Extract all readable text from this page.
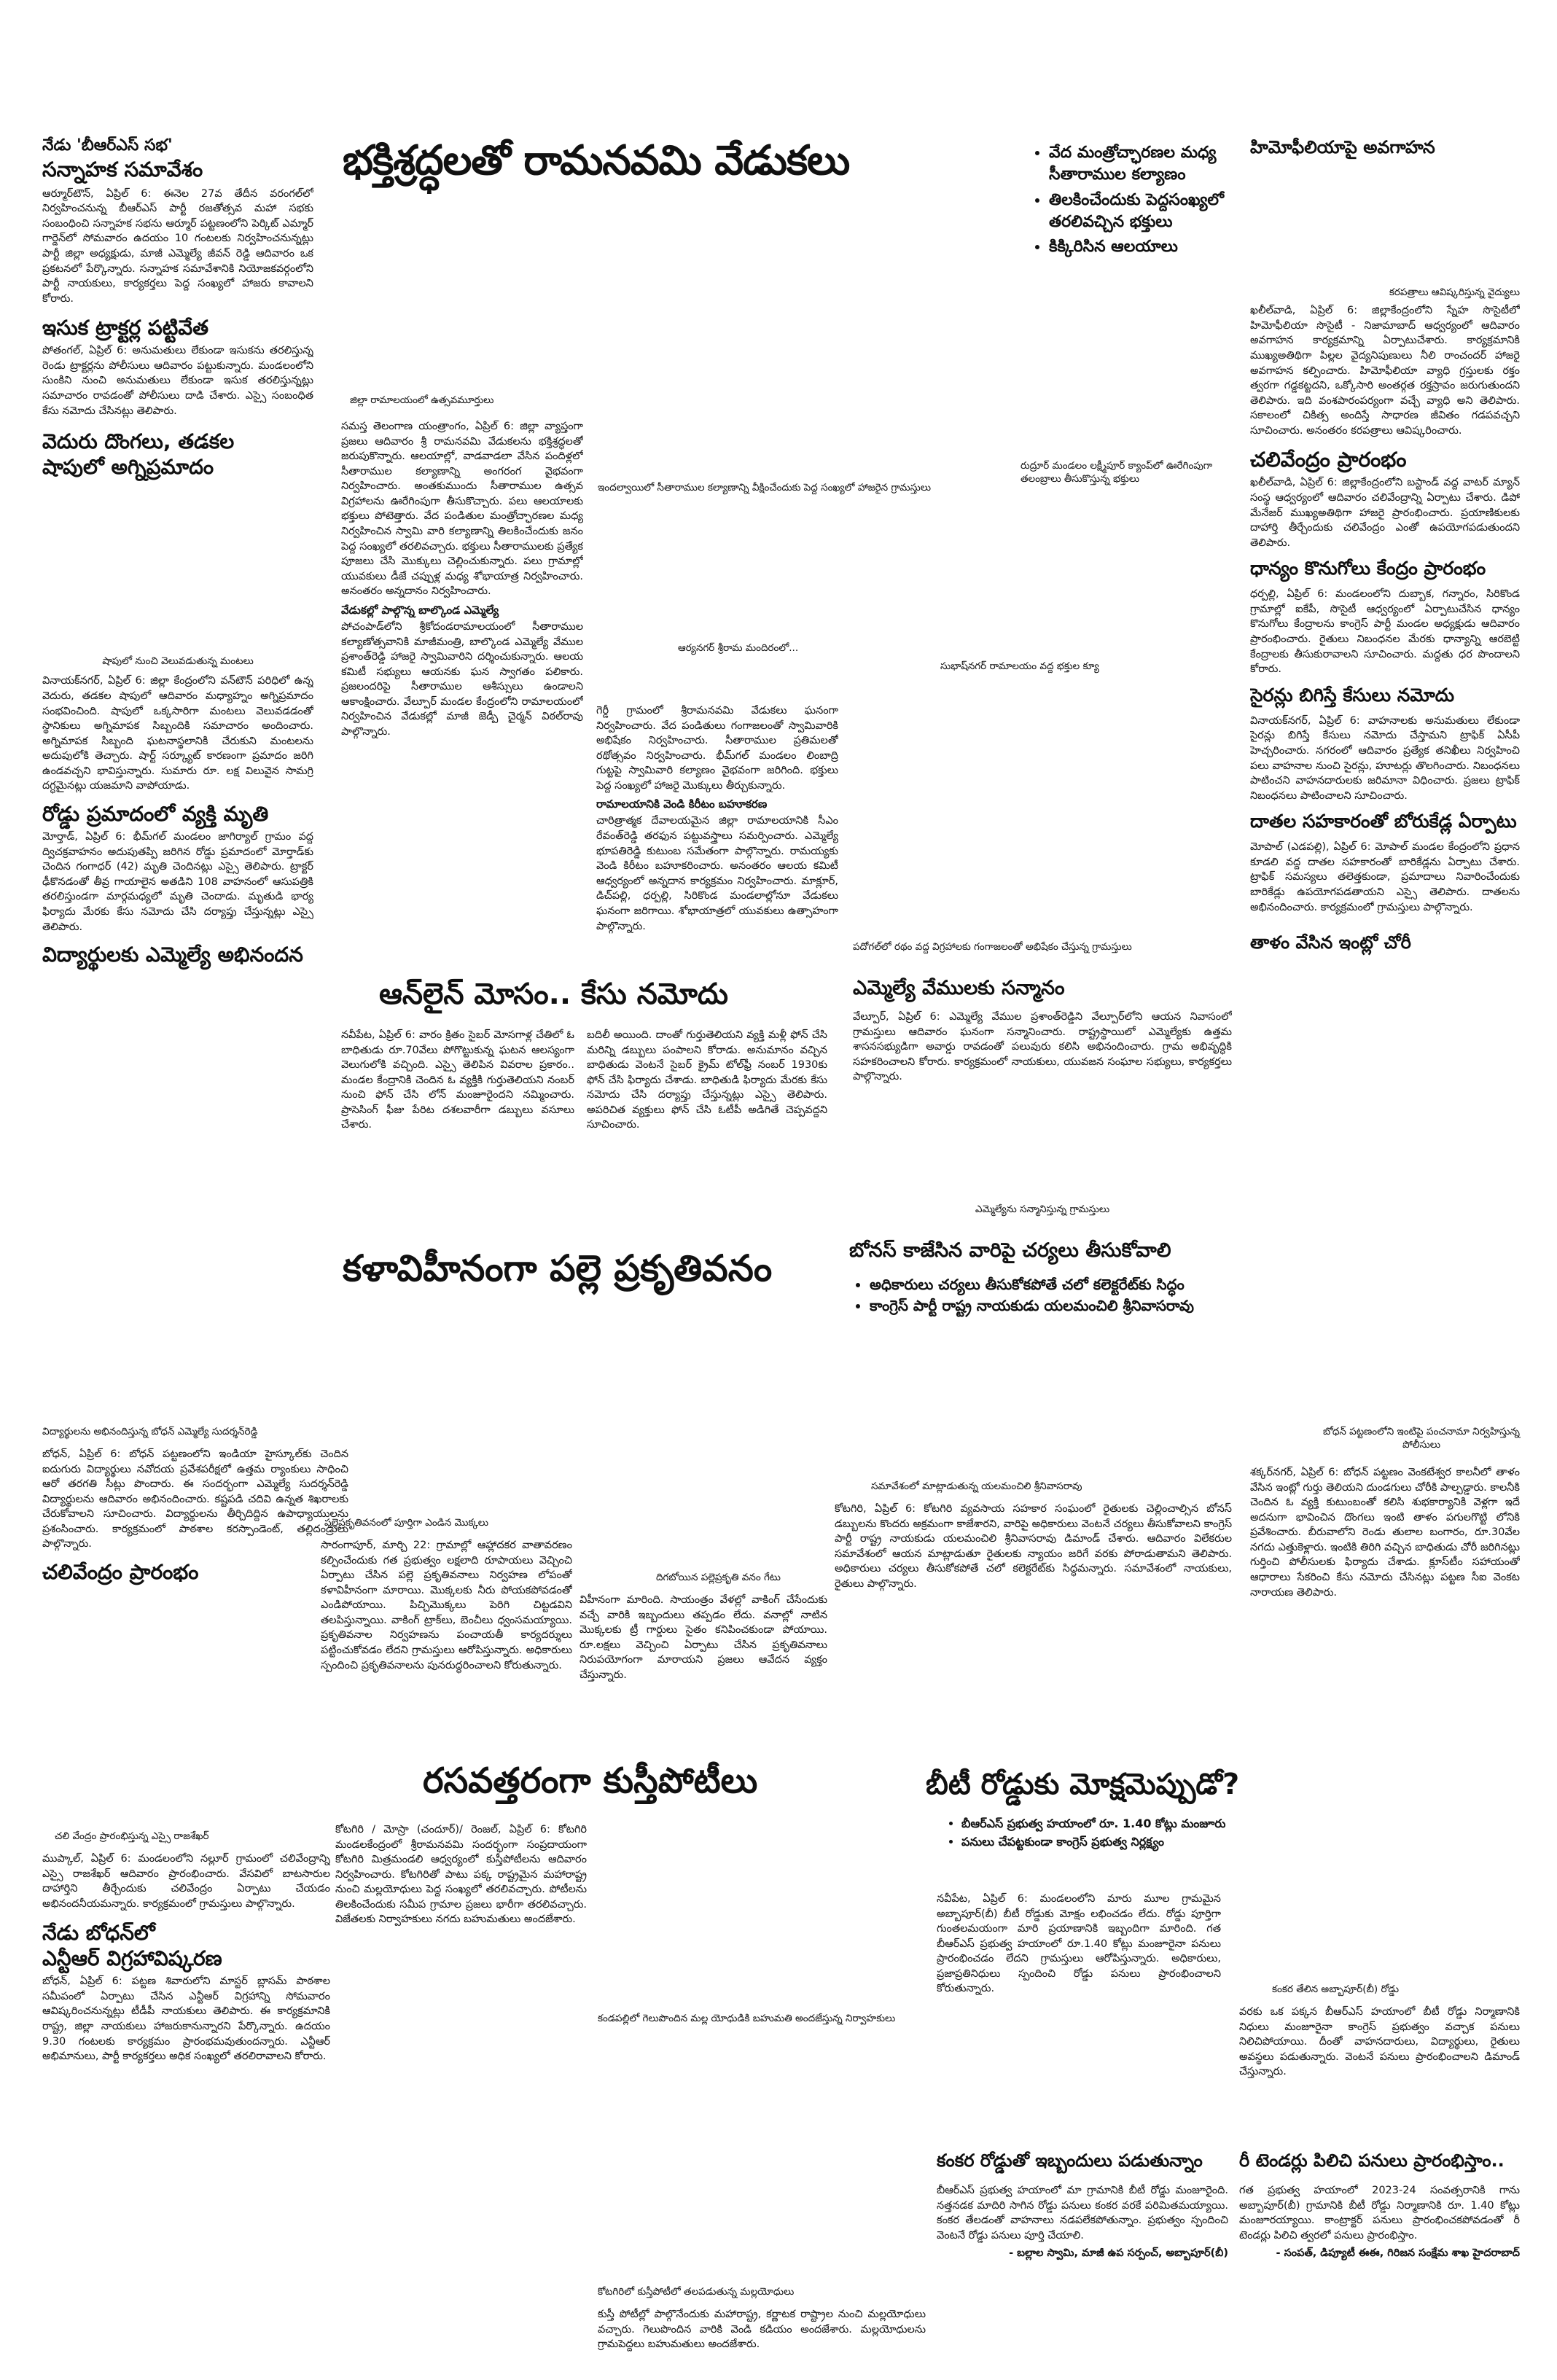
నేడు 'బీఆర్ఎస్ సభ'
సన్నాహక సమావేశం

ఆర్మూర్‌టౌన్, ఏప్రిల్ 6: ఈనెల 27వ తేదీన వరంగల్‌లో నిర్వహించనున్న బీఆర్ఎస్ పార్టీ రజతోత్సవ మహా సభకు సంబంధించి సన్నాహక సభను ఆర్మూర్ పట్టణంలోని పెర్కిట్ ఎమ్మార్ గార్డెన్‌లో సోమవారం ఉదయం 10 గంటలకు నిర్వహించనున్నట్లు పార్టీ జిల్లా అధ్యక్షుడు, మాజీ ఎమ్మెల్యే జీవన్ రెడ్డి ఆదివారం ఒక ప్రకటనలో పేర్కొన్నారు. సన్నాహక సమావేశానికి నియోజకవర్గంలోని పార్టీ నాయకులు, కార్యకర్తలు పెద్ద సంఖ్యలో హాజరు కావాలని కోరారు.

ఇసుక ట్రాక్టర్ల పట్టివేత

పోతంగల్, ఏప్రిల్ 6: అనుమతులు లేకుండా ఇసుకను తరలిస్తున్న రెండు ట్రాక్టర్లను పోలీసులు ఆదివారం పట్టుకున్నారు. మండలంలోని సుంకిని నుంచి అనుమతులు లేకుండా ఇసుక తరలిస్తున్నట్లు సమాచారం రావడంతో పోలీసులు దాడి చేశారు. ఎస్సై సంబంధిత కేసు నమోదు చేసినట్లు తెలిపారు.

వెదురు దొంగలు, తడకల
షాపులో అగ్నిప్రమాదం
షాపులో నుంచి వెలువడుతున్న మంటలు

వినాయక్‌నగర్, ఏప్రిల్ 6: జిల్లా కేంద్రంలోని వన్‌టౌన్ పరిధిలో ఉన్న వెదురు, తడకల షాపులో ఆదివారం మధ్యాహ్నం అగ్నిప్రమాదం సంభవించింది. షాపులో ఒక్కసారిగా మంటలు వెలువడడంతో స్థానికులు అగ్నిమాపక సిబ్బందికి సమాచారం అందించారు. అగ్నిమాపక సిబ్బంది ఘటనాస్థలానికి చేరుకుని మంటలను అదుపులోకి తెచ్చారు. షార్ట్ సర్క్యూట్ కారణంగా ప్రమాదం జరిగి ఉండవచ్చని భావిస్తున్నారు. సుమారు రూ. లక్ష విలువైన సామగ్రి దగ్ధమైనట్లు యజమాని వాపోయాడు.

రోడ్డు ప్రమాదంలో వ్యక్తి మృతి

మోర్తాడ్, ఏప్రిల్ 6: భీమ్‌గల్ మండలం జాగిర్యాల్ గ్రామం వద్ద ద్విచక్రవాహనం అదుపుతప్పి జరిగిన రోడ్డు ప్రమాదంలో మోర్తాడ్‌కు చెందిన గంగాధర్ (42) మృతి చెందినట్లు ఎస్సై తెలిపారు. ట్రాక్టర్ ఢీకొనడంతో తీవ్ర గాయాలైన అతడిని 108 వాహనంలో ఆసుపత్రికి తరలిస్తుండగా మార్గమధ్యలో మృతి చెందాడు. మృతుడి భార్య ఫిర్యాదు మేరకు కేసు నమోదు చేసి దర్యాప్తు చేస్తున్నట్లు ఎస్సై తెలిపారు.

విద్యార్థులకు ఎమ్మెల్యే అభినందన
భక్తిశ్రద్ధలతో రామనవమి వేడుకలు
•	వేద మంత్రోచ్ఛారణల మధ్య సీతారాముల కల్యాణం
• తిలకించేందుకు పెద్దసంఖ్యలో తరలివచ్చిన భక్తులు
• కిక్కిరిసిన ఆలయాలు
జిల్లా రామాలయంలో ఉత్సవమూర్తులు
ఇందల్వాయిలో సీతారాముల కల్యాణాన్ని వీక్షించేందుకు పెద్ద సంఖ్యలో హాజరైన గ్రామస్తులు
రుద్రూర్ మండలం లక్ష్మీపూర్ క్యాంప్‌లో ఊరేగింపుగా తలంబ్రాలు తీసుకొస్తున్న భక్తులు

సమస్త తెలంగాణ యంత్రాంగం, ఏప్రిల్ 6: జిల్లా వ్యాప్తంగా ప్రజలు ఆదివారం శ్రీ రామనవమి వేడుకలను భక్తిశ్రద్ధలతో జరుపుకొన్నారు. ఆలయాల్లో, వాడవాడలా వేసిన పందిళ్లలో సీతారాముల కల్యాణాన్ని అంగరంగ వైభవంగా నిర్వహించారు. అంతకుముందు సీతారాముల ఉత్సవ విగ్రహాలను ఊరేగింపుగా తీసుకొచ్చారు. పలు ఆలయాలకు భక్తులు పోటెత్తారు. వేద పండితుల మంత్రోచ్ఛారణల మధ్య నిర్వహించిన స్వామి వారి కల్యాణాన్ని తిలకించేందుకు జనం పెద్ద సంఖ్యలో తరలివచ్చారు. భక్తులు సీతారాములకు ప్రత్యేక పూజలు చేసి మొక్కులు చెల్లించుకున్నారు. పలు గ్రామాల్లో యువకులు డీజే చప్పుళ్ల మధ్య శోభాయాత్ర నిర్వహించారు. అనంతరం అన్నదానం నిర్వహించారు.

వేడుకల్లో పాల్గొన్న బాల్కొండ ఎమ్మెల్యే

పోచంపాడ్‌లోని శ్రీకోదండరామాలయంలో సీతారాముల కల్యాణోత్సవానికి మాజీమంత్రి, బాల్కొండ ఎమ్మెల్యే వేముల ప్రశాంత్‌రెడ్డి హాజరై స్వామివారిని దర్శించుకున్నారు. ఆలయ కమిటీ సభ్యులు ఆయనకు ఘన స్వాగతం పలికారు. ప్రజలందరిపై సీతారాముల ఆశీస్సులు ఉండాలని ఆకాంక్షించారు. వేల్పూర్ మండల కేంద్రంలోని రామాలయంలో నిర్వహించిన వేడుకల్లో మాజీ జెడ్పీ చైర్మన్ విఠల్‌రావు పాల్గొన్నారు.

ఆర్యనగర్ శ్రీరామ మందిరంలో...
సుభాష్‌నగర్ రామాలయం వద్ద భక్తుల క్యూ

గెర్డీ గ్రామంలో శ్రీరామనవమి వేడుకలు ఘనంగా నిర్వహించారు. వేద పండితులు గంగాజలంతో స్వామివారికి అభిషేకం నిర్వహించారు. సీతారాముల ప్రతిమలతో రథోత్సవం నిర్వహించారు. భీమ్‌గల్ మండలం లింబాద్రి గుట్టపై స్వామివారి కల్యాణం వైభవంగా జరిగింది. భక్తులు పెద్ద సంఖ్యలో హాజరై మొక్కులు తీర్చుకున్నారు.

రామాలయానికి వెండి కిరీటం బహూకరణ

చారిత్రాత్మక దేవాలయమైన జిల్లా రామాలయానికి సీఎం రేవంత్‌రెడ్డి తరఫున పట్టువస్త్రాలు సమర్పించారు. ఎమ్మెల్యే భూపతిరెడ్డి కుటుంబ సమేతంగా పాల్గొన్నారు. రామయ్యకు వెండి కిరీటం బహూకరించారు. అనంతరం ఆలయ కమిటీ ఆధ్వర్యంలో అన్నదాన కార్యక్రమం నిర్వహించారు. మాక్లూర్, డిచ్‌పల్లి, ధర్పల్లి, సిరికొండ మండలాల్లోనూ వేడుకలు ఘనంగా జరిగాయి. శోభాయాత్రలో యువకులు ఉత్సాహంగా పాల్గొన్నారు.

పదోగల్‌లో రథం వద్ద విగ్రహాలకు గంగాజలంతో అభిషేకం చేస్తున్న గ్రామస్తులు
హిమోఫీలియాపై అవగాహన
కరపత్రాలు ఆవిష్కరిస్తున్న వైద్యులు

ఖలీల్‌వాడి, ఏప్రిల్ 6: జిల్లాకేంద్రంలోని స్నేహ సొసైటీలో హిమోఫీలియా సొసైటీ - నిజామాబాద్ ఆధ్వర్యంలో ఆదివారం అవగాహన కార్యక్రమాన్ని ఏర్పాటుచేశారు. కార్యక్రమానికి ముఖ్యఅతిథిగా పిల్లల వైద్యనిపుణులు నీలి రాంచందర్ హాజరై అవగాహన కల్పించారు. హిమోఫీలియా వ్యాధి గ్రస్తులకు రక్తం త్వరగా గడ్డకట్టదని, ఒక్కోసారి అంతర్గత రక్తస్రావం జరుగుతుందని తెలిపారు. ఇది వంశపారంపర్యంగా వచ్చే వ్యాధి అని తెలిపారు. సకాలంలో చికిత్స అందిస్తే సాధారణ జీవితం గడపవచ్చని సూచించారు. అనంతరం కరపత్రాలు ఆవిష్కరించారు.

చలివేంద్రం ప్రారంభం

ఖలీల్‌వాడి, ఏప్రిల్ 6: జిల్లాకేంద్రంలోని బస్టాండ్ వద్ద వాటర్ మ్యాన్ సంస్థ ఆధ్వర్యంలో ఆదివారం చలివేంద్రాన్ని ఏర్పాటు చేశారు. డిపో మేనేజర్ ముఖ్యఅతిథిగా హాజరై ప్రారంభించారు. ప్రయాణికులకు దాహార్తి తీర్చేందుకు చలివేంద్రం ఎంతో ఉపయోగపడుతుందని తెలిపారు.

ధాన్యం కొనుగోలు కేంద్రం ప్రారంభం

ధర్పల్లి, ఏప్రిల్ 6: మండలంలోని దుబ్బాక, గన్నారం, సిరికొండ గ్రామాల్లో ఐకేపీ, సొసైటీ ఆధ్వర్యంలో ఏర్పాటుచేసిన ధాన్యం కొనుగోలు కేంద్రాలను కాంగ్రెస్ పార్టీ మండల అధ్యక్షుడు ఆదివారం ప్రారంభించారు. రైతులు నిబంధనల మేరకు ధాన్యాన్ని ఆరబెట్టి కేంద్రాలకు తీసుకురావాలని సూచించారు. మద్దతు ధర పొందాలని కోరారు.

సైరన్లు బిగిస్తే కేసులు నమోదు

వినాయక్‌నగర్, ఏప్రిల్ 6: వాహనాలకు అనుమతులు లేకుండా సైరన్లు బిగిస్తే కేసులు నమోదు చేస్తామని ట్రాఫిక్ ఏసీపీ హెచ్చరించారు. నగరంలో ఆదివారం ప్రత్యేక తనిఖీలు నిర్వహించి పలు వాహనాల నుంచి సైరన్లు, హూటర్లు తొలగించారు. నిబంధనలు పాటించని వాహనదారులకు జరిమానా విధించారు. ప్రజలు ట్రాఫిక్ నిబంధనలు పాటించాలని సూచించారు.

దాతల సహకారంతో బోరుకేడ్ల ఏర్పాటు

మోపాల్ (ఎడపల్లి), ఏప్రిల్ 6: మోపాల్ మండల కేంద్రంలోని ప్రధాన కూడలి వద్ద దాతల సహకారంతో బారికేడ్లను ఏర్పాటు చేశారు. ట్రాఫిక్ సమస్యలు తలెత్తకుండా, ప్రమాదాలు నివారించేందుకు బారికేడ్లు ఉపయోగపడతాయని ఎస్సై తెలిపారు. దాతలను అభినందించారు. కార్యక్రమంలో గ్రామస్తులు పాల్గొన్నారు.

తాళం వేసిన ఇంట్లో చోరీ
ఆన్‌లైన్ మోసం.. కేసు నమోదు

నవీపేట, ఏప్రిల్ 6: వారం క్రితం సైబర్ మోసగాళ్ల చేతిలో ఓ బాధితుడు రూ.70వేలు పోగొట్టుకున్న ఘటన ఆలస్యంగా వెలుగులోకి వచ్చింది. ఎస్సై తెలిపిన వివరాల ప్రకారం.. మండల కేంద్రానికి చెందిన ఓ వ్యక్తికి గుర్తుతెలియని నంబర్ నుంచి ఫోన్ చేసి లోన్ మంజూరైందని నమ్మించారు. ప్రాసెసింగ్ ఫీజు పేరిట దశలవారీగా డబ్బులు వసూలు చేశారు.

బదిలీ అయింది. దాంతో గుర్తుతెలియని వ్యక్తి మళ్లీ ఫోన్ చేసి మరిన్ని డబ్బులు పంపాలని కోరాడు. అనుమానం వచ్చిన బాధితుడు వెంటనే సైబర్ క్రైమ్ టోల్‌ఫ్రీ నంబర్ 1930కు ఫోన్ చేసి ఫిర్యాదు చేశాడు. బాధితుడి ఫిర్యాదు మేరకు కేసు నమోదు చేసి దర్యాప్తు చేస్తున్నట్లు ఎస్సై తెలిపారు. అపరిచిత వ్యక్తులు ఫోన్ చేసి ఓటీపీ అడిగితే చెప్పవద్దని సూచించారు.

ఎమ్మెల్యే వేములకు సన్మానం

వేల్పూర్, ఏప్రిల్ 6: ఎమ్మెల్యే వేముల ప్రశాంత్‌రెడ్డిని వేల్పూర్‌లోని ఆయన నివాసంలో గ్రామస్తులు ఆదివారం ఘనంగా సన్మానించారు. రాష్ట్రస్థాయిలో ఎమ్మెల్యేకు ఉత్తమ శాసనసభ్యుడిగా అవార్డు రావడంతో పలువురు కలిసి అభినందించారు. గ్రామ అభివృద్ధికి సహకరించాలని కోరారు. కార్యక్రమంలో నాయకులు, యువజన సంఘాల సభ్యులు, కార్యకర్తలు పాల్గొన్నారు.

ఎమ్మెల్యేను సన్మానిస్తున్న గ్రామస్తులు
కళావిహీనంగా పల్లె ప్రకృతివనం	బోనస్ కాజేసిన వారిపై చర్యలు తీసుకోవాలి
• అధికారులు చర్యలు తీసుకోకపోతే చలో కలెక్టరేట్‌కు సిద్ధం
• కాంగ్రెస్ పార్టీ రాష్ట్ర నాయకుడు యలమంచిలి శ్రీనివాసరావు
విద్యార్థులను అభినందిస్తున్న బోధన్ ఎమ్మెల్యే సుదర్శన్‌రెడ్డి

బోధన్, ఏప్రిల్ 6: బోధన్ పట్టణంలోని ఇండియా హైస్కూల్‌కు చెందిన ఐదుగురు విద్యార్థులు నవోదయ ప్రవేశపరీక్షలో ఉత్తమ ర్యాంకులు సాధించి ఆరో తరగతి సీట్లు పొందారు. ఈ సందర్భంగా ఎమ్మెల్యే సుదర్శన్‌రెడ్డి విద్యార్థులను ఆదివారం అభినందించారు. కష్టపడి చదివి ఉన్నత శిఖరాలకు చేరుకోవాలని సూచించారు. విద్యార్థులను తీర్చిదిద్దిన ఉపాధ్యాయులను ప్రశంసించారు. కార్యక్రమంలో పాఠశాల కరస్పాండెంట్, తల్లిదండ్రులు పాల్గొన్నారు.

చలివేంద్రం ప్రారంభం
పల్లెప్రకృతివనంలో పూర్తిగా ఎండిన మొక్కలు

సారంగాపూర్, మార్చి 22: గ్రామాల్లో ఆహ్లాదకర వాతావరణం కల్పించేందుకు గత ప్రభుత్వం లక్షలాది రూపాయలు వెచ్చించి ఏర్పాటు చేసిన పల్లె ప్రకృతివనాలు నిర్వహణ లోపంతో కళావిహీనంగా మారాయి. మొక్కలకు నీరు పోయకపోవడంతో ఎండిపోయాయి. పిచ్చిమొక్కలు పెరిగి చిట్టడవిని తలపిస్తున్నాయి. వాకింగ్ ట్రాక్‌లు, బెంచీలు ధ్వంసమయ్యాయి. ప్రకృతివనాల నిర్వహణను పంచాయతీ కార్యదర్శులు పట్టించుకోవడం లేదని గ్రామస్తులు ఆరోపిస్తున్నారు. అధికారులు స్పందించి ప్రకృతివనాలను పునరుద్ధరించాలని కోరుతున్నారు.

దిగబోయిన పల్లెప్రకృతి వనం గేటు

విహీనంగా మారింది. సాయంత్రం వేళల్లో వాకింగ్ చేసేందుకు వచ్చే వారికి ఇబ్బందులు తప్పడం లేదు. వనాల్లో నాటిన మొక్కలకు ట్రీ గార్డులు సైతం కనిపించకుండా పోయాయి. రూ.లక్షలు వెచ్చించి ఏర్పాటు చేసిన ప్రకృతివనాలు నిరుపయోగంగా మారాయని ప్రజలు ఆవేదన వ్యక్తం చేస్తున్నారు.

సమావేశంలో మాట్లాడుతున్న యలమంచిలి శ్రీనివాసరావు

కోటగిరి, ఏప్రిల్ 6: కోటగిరి వ్యవసాయ సహకార సంఘంలో రైతులకు చెల్లించాల్సిన బోనస్ డబ్బులను కొందరు అక్రమంగా కాజేశారని, వారిపై అధికారులు వెంటనే చర్యలు తీసుకోవాలని కాంగ్రెస్ పార్టీ రాష్ట్ర నాయకుడు యలమంచిలి శ్రీనివాసరావు డిమాండ్ చేశారు. ఆదివారం విలేకరుల సమావేశంలో ఆయన మాట్లాడుతూ రైతులకు న్యాయం జరిగే వరకు పోరాడుతామని తెలిపారు. అధికారులు చర్యలు తీసుకోకపోతే చలో కలెక్టరేట్‌కు సిద్ధమన్నారు. సమావేశంలో నాయకులు, రైతులు పాల్గొన్నారు.

బోధన్ పట్టణంలోని ఇంటిపై పంచనామా నిర్వహిస్తున్న పోలీసులు

శక్కర్‌నగర్, ఏప్రిల్ 6: బోధన్ పట్టణం వెంకటేశ్వర కాలనీలో తాళం వేసిన ఇంట్లో గుర్తు తెలియని దుండగులు చోరీకి పాల్పడ్డారు. కాలనీకి చెందిన ఓ వ్యక్తి కుటుంబంతో కలిసి శుభకార్యానికి వెళ్లగా ఇదే అదనుగా భావించిన దొంగలు ఇంటి తాళం పగులగొట్టి లోనికి ప్రవేశించారు. బీరువాలోని రెండు తులాల బంగారం, రూ.30వేల నగదు ఎత్తుకెళ్లారు. ఇంటికి తిరిగి వచ్చిన బాధితుడు చోరీ జరిగినట్లు గుర్తించి పోలీసులకు ఫిర్యాదు చేశాడు. క్లూస్‌టీం సహాయంతో ఆధారాలు సేకరించి కేసు నమోదు చేసినట్లు పట్టణ సీఐ వెంకట నారాయణ తెలిపారు.

రసవత్తరంగా కుస్తీపోటీలు	బీటీ రోడ్డుకు మోక్షమెప్పుడో?
• బీఆర్ఎస్ ప్రభుత్వ హయాంలో రూ. 1.40 కోట్లు మంజూరు
• పనులు చేపట్టకుండా కాంగ్రెస్ ప్రభుత్వ నిర్లక్ష్యం
చలి వేంద్రం ప్రారంభిస్తున్న ఎస్సై రాజశేఖర్

ముప్కాల్, ఏప్రిల్ 6: మండలంలోని నల్లూర్ గ్రామంలో చలివేంద్రాన్ని ఎస్సై రాజశేఖర్ ఆదివారం ప్రారంభించారు. వేసవిలో బాటసారుల దాహార్తిని తీర్చేందుకు చలివేంద్రం ఏర్పాటు చేయడం అభినందనీయమన్నారు. కార్యక్రమంలో గ్రామస్తులు పాల్గొన్నారు.

నేడు బోధన్‌లో
ఎన్టీఆర్ విగ్రహావిష్కరణ

బోధన్, ఏప్రిల్ 6: పట్టణ శివారులోని మాస్టర్ బ్లాసమ్ పాఠశాల సమీపంలో ఏర్పాటు చేసిన ఎన్టీఆర్ విగ్రహాన్ని సోమవారం ఆవిష్కరించనున్నట్లు టీడీపీ నాయకులు తెలిపారు. ఈ కార్యక్రమానికి రాష్ట్ర, జిల్లా నాయకులు హాజరుకానున్నారని పేర్కొన్నారు. ఉదయం 9.30 గంటలకు కార్యక్రమం ప్రారంభమవుతుందన్నారు. ఎన్టీఆర్ అభిమానులు, పార్టీ కార్యకర్తలు అధిక సంఖ్యలో తరలిరావాలని కోరారు.

కోటగిరి / మోస్రా (చందూర్)/ రెంజల్, ఏప్రిల్ 6: కోటగిరి మండలకేంద్రంలో శ్రీరామనవమి సందర్భంగా సంప్రదాయంగా కోటగిరి మిత్రమండలి ఆధ్వర్యంలో కుస్తీపోటీలను ఆదివారం నిర్వహించారు. కోటగిరితో పాటు పక్క రాష్ట్రమైన మహారాష్ట్ర నుంచి మల్లయోధులు పెద్ద సంఖ్యలో తరలివచ్చారు. పోటీలను తిలకించేందుకు సమీప గ్రామాల ప్రజలు భారీగా తరలివచ్చారు. విజేతలకు నిర్వాహకులు నగదు బహుమతులు అందజేశారు.

కండపల్లిలో గెలుపొందిన మల్ల యోధుడికి బహుమతి అందజేస్తున్న నిర్వాహకులు
కోటగిరిలో కుస్తీపోటీలో తలపడుతున్న మల్లయోధులు

కుస్తీ పోటీల్లో పాల్గొనేందుకు మహారాష్ట్ర, కర్ణాటక రాష్ట్రాల నుంచి మల్లయోధులు వచ్చారు. గెలుపొందిన వారికి వెండి కడియం అందజేశారు. మల్లయోధులను గ్రామపెద్దలు బహుమతులు అందజేశారు.

నవీపేట, ఏప్రిల్ 6: మండలంలోని మారు మూల గ్రామమైన అబ్బాపూర్(బీ) బీటీ రోడ్డుకు మోక్షం లభించడం లేదు. రోడ్డు పూర్తిగా గుంతలమయంగా మారి ప్రయాణానికి ఇబ్బందిగా మారింది. గత బీఆర్ఎస్ ప్రభుత్వ హయాంలో రూ.1.40 కోట్లు మంజూరైనా పనులు ప్రారంభించడం లేదని గ్రామస్తులు ఆరోపిస్తున్నారు. అధికారులు, ప్రజాప్రతినిధులు స్పందించి రోడ్డు పనులు ప్రారంభించాలని కోరుతున్నారు.	కంకర తేలిన అబ్బాపూర్(బీ) రోడ్డు

వరకు ఒక పక్కన బీఆర్ఎస్ హయాంలో బీటీ రోడ్డు నిర్మాణానికి నిధులు మంజూరైనా కాంగ్రెస్ ప్రభుత్వం వచ్చాక పనులు నిలిచిపోయాయి. దీంతో వాహనదారులు, విద్యార్థులు, రైతులు అవస్థలు పడుతున్నారు. వెంటనే పనులు ప్రారంభించాలని డిమాండ్ చేస్తున్నారు.

కంకర రోడ్డుతో ఇబ్బందులు పడుతున్నాం

బీఆర్ఎస్ ప్రభుత్వ హయాంలో మా గ్రామానికి బీటీ రోడ్డు మంజూరైంది. నత్తనడక మాదిరి సాగిన రోడ్డు పనులు కంకర వరకే పరిమితమయ్యాయి. కంకర తేలడంతో వాహనాలు నడపలేకపోతున్నాం. ప్రభుత్వం స్పందించి వెంటనే రోడ్డు పనులు పూర్తి చేయాలి.

- బల్లాల స్వామి, మాజీ ఉప సర్పంచ్, అబ్బాపూర్(బీ)

రీ టెండర్లు పిలిచి పనులు ప్రారంభిస్తాం..

గత ప్రభుత్వ హయాంలో 2023-24 సంవత్సరానికి గాను అబ్బాపూర్(బీ) గ్రామానికి బీటీ రోడ్డు నిర్మాణానికి రూ. 1.40 కోట్లు మంజూరయ్యాయి. కాంట్రాక్టర్ పనులు ప్రారంభించకపోవడంతో రీ టెండర్లు పిలిచి త్వరలో పనులు ప్రారంభిస్తాం.

- సంపత్, డిప్యూటీ ఈఈ, గిరిజన సంక్షేమ శాఖ హైదరాబాద్
